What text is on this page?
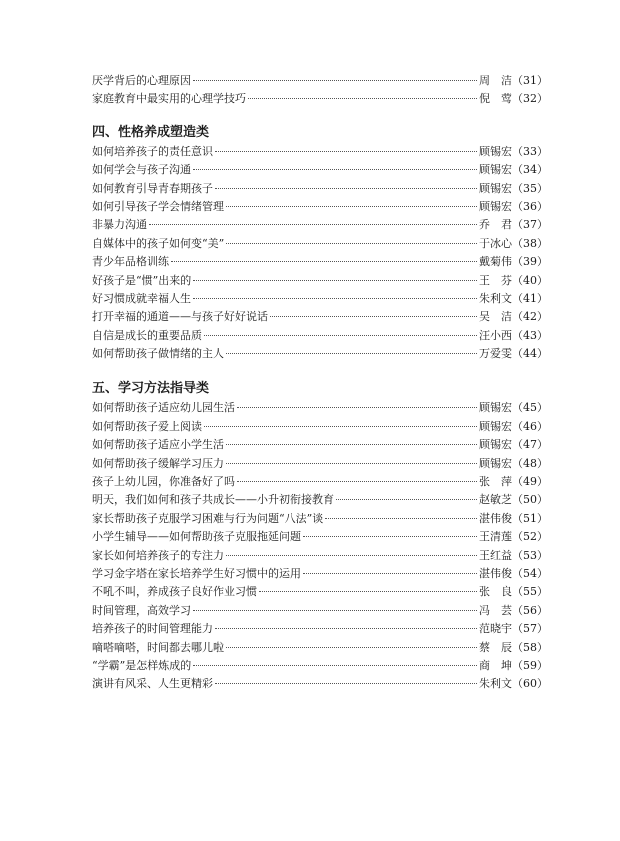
厌学背后的心理原因	周　洁 （31）
家庭教育中最实用的心理学技巧	倪　莺 （32）
四、性格养成塑造类
如何培养孩子的责任意识	顾锡宏 （33）
如何学会与孩子沟通	顾锡宏 （34）
如何教育引导青春期孩子	顾锡宏 （35）
如何引导孩子学会情绪管理	顾锡宏 （36）
非暴力沟通	乔　君 （37）
自媒体中的孩子如何变“美”	于冰心 （38）
青少年品格训练	戴菊伟 （39）
好孩子是“惯”出来的	王　芬 （40）
好习惯成就幸福人生	朱利文 （41）
打开幸福的通道——与孩子好好说话	吴　洁 （42）
自信是成长的重要品质	汪小西 （43）
如何帮助孩子做情绪的主人	万爱雯 （44）
五、学习方法指导类
如何帮助孩子适应幼儿园生活	顾锡宏 （45）
如何帮助孩子爱上阅读	顾锡宏 （46）
如何帮助孩子适应小学生活	顾锡宏 （47）
如何帮助孩子缓解学习压力	顾锡宏 （48）
孩子上幼儿园，你准备好了吗	张　萍 （49）
明天，我们如何和孩子共成长——小升初衔接教育	赵敏芝 （50）
家长帮助孩子克服学习困难与行为问题“八法”谈	湛伟俊 （51）
小学生辅导——如何帮助孩子克服拖延问题	王清莲 （52）
家长如何培养孩子的专注力	王红益 （53）
学习金字塔在家长培养学生好习惯中的运用	湛伟俊 （54）
不吼不叫，养成孩子良好作业习惯	张　良 （55）
时间管理，高效学习	冯　芸 （56）
培养孩子的时间管理能力	范晓宇 （57）
嘀嗒嘀嗒，时间都去哪儿啦	蔡　辰 （58）
“学霸”是怎样炼成的	商　坤 （59）
演讲有风采、人生更精彩	朱利文 （60）
